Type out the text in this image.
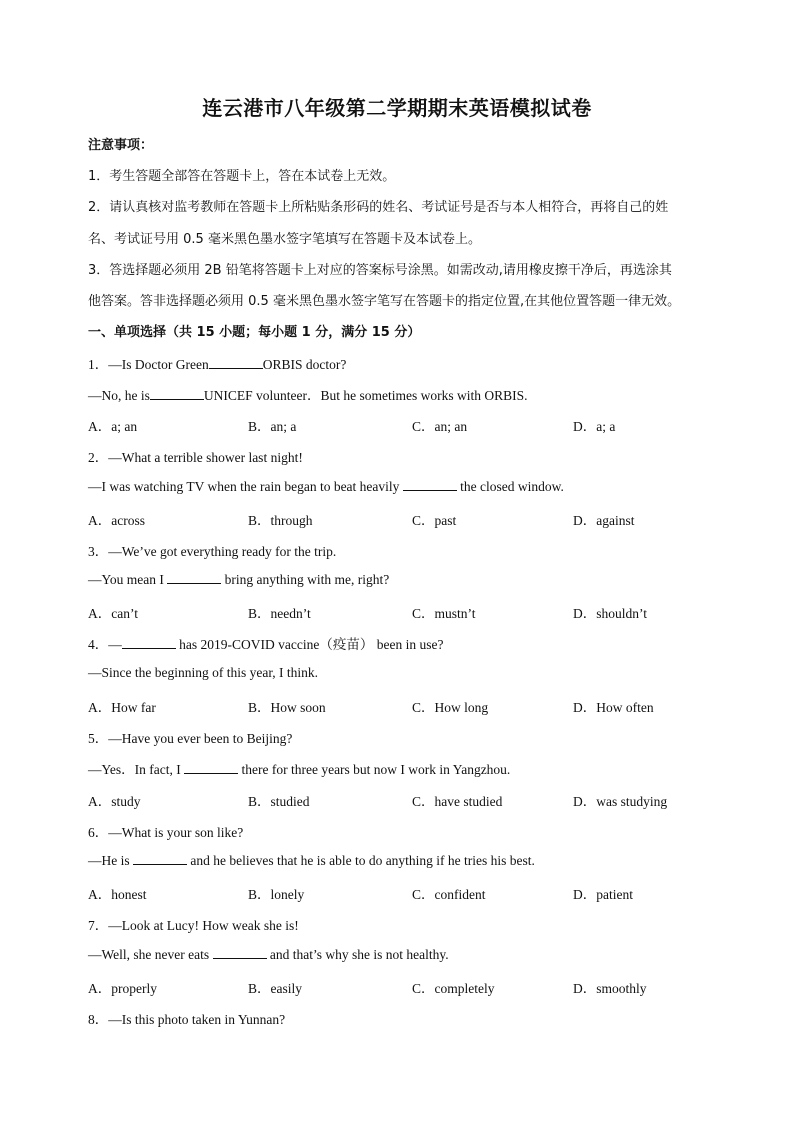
连云港市八年级第二学期期末英语模拟试卷
注意事项：
1．考生答题全部答在答题卡上，答在本试卷上无效。
2．请认真核对监考教师在答题卡上所粘贴条形码的姓名、考试证号是否与本人相符合，再将自己的姓
名、考试证号用 0.5 毫米黑色墨水签字笔填写在答题卡及本试卷上。
3．答选择题必须用 2B 铅笔将答题卡上对应的答案标号涂黑。如需改动,请用橡皮擦干净后，再选涂其
他答案。答非选择题必须用 0.5 毫米黑色墨水签字笔写在答题卡的指定位置,在其他位置答题一律无效。
一、单项选择（共 15 小题；每小题 1 分，满分 15 分）
1．—Is Doctor Green	ORBIS doctor?
—No, he is	UNICEF volunteer．But he sometimes works with ORBIS.
A．a; an	B．an; a	C．an; an	D．a; a
2．—What a terrible shower last night!
—I was watching TV when the rain began to beat heavily	the closed window.
A．across	B．through	C．past	D．against
3．—We’ve got everything ready for the trip.
—You mean I	bring anything with me, right?
A．can’t	B．needn’t	C．mustn’t	D．shouldn’t
4．—	has 2019-COVID vaccine（疫苗） been in use?
—Since the beginning of this year, I think.
A．How far	B．How soon	C．How long	D．How often
5．—Have you ever been to Beijing?
—Yes．In fact, I	there for three years but now I work in Yangzhou.
A．study	B．studied	C．have studied	D．was studying
6．—What is your son like?
—He is	and he believes that he is able to do anything if he tries his best.
A．honest	B．lonely	C．confident	D．patient
7．—Look at Lucy! How weak she is!
—Well, she never eats	and that’s why she is not healthy.
A．properly	B．easily	C．completely	D．smoothly
8．—Is this photo taken in Yunnan?
